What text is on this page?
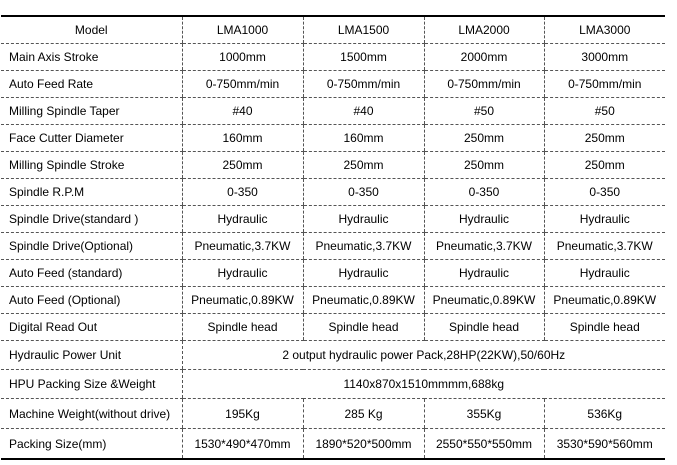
Model	LMA1000	LMA1500	LMA2000	LMA3000
Main Axis Stroke	1000mm	1500mm	2000mm	3000mm
Auto Feed Rate	0-750mm/min	0-750mm/min	0-750mm/min	0-750mm/min
Milling Spindle Taper	#40	#40	#50	#50
Face Cutter Diameter	160mm	160mm	250mm	250mm
Milling Spindle Stroke	250mm	250mm	250mm	250mm
Spindle R.P.M	0-350	0-350	0-350	0-350
Spindle Drive(standard )	Hydraulic	Hydraulic	Hydraulic	Hydraulic
Spindle Drive(Optional)	Pneumatic,3.7KW	Pneumatic,3.7KW	Pneumatic,3.7KW	Pneumatic,3.7KW
Auto Feed (standard)	Hydraulic	Hydraulic	Hydraulic	Hydraulic
Auto Feed (Optional)	Pneumatic,0.89KW	Pneumatic,0.89KW	Pneumatic,0.89KW	Pneumatic,0.89KW
Digital Read Out	Spindle head	Spindle head	Spindle head	Spindle head
Hydraulic Power Unit	2 output hydraulic power Pack,28HP(22KW),50/60Hz			
HPU Packing Size &Weight	1140x870x1510mmmm,688kg			
Machine Weight(without drive)	195Kg	285 Kg	355Kg	536Kg
Packing Size(mm)	1530*490*470mm	1890*520*500mm	2550*550*550mm	3530*590*560mm
